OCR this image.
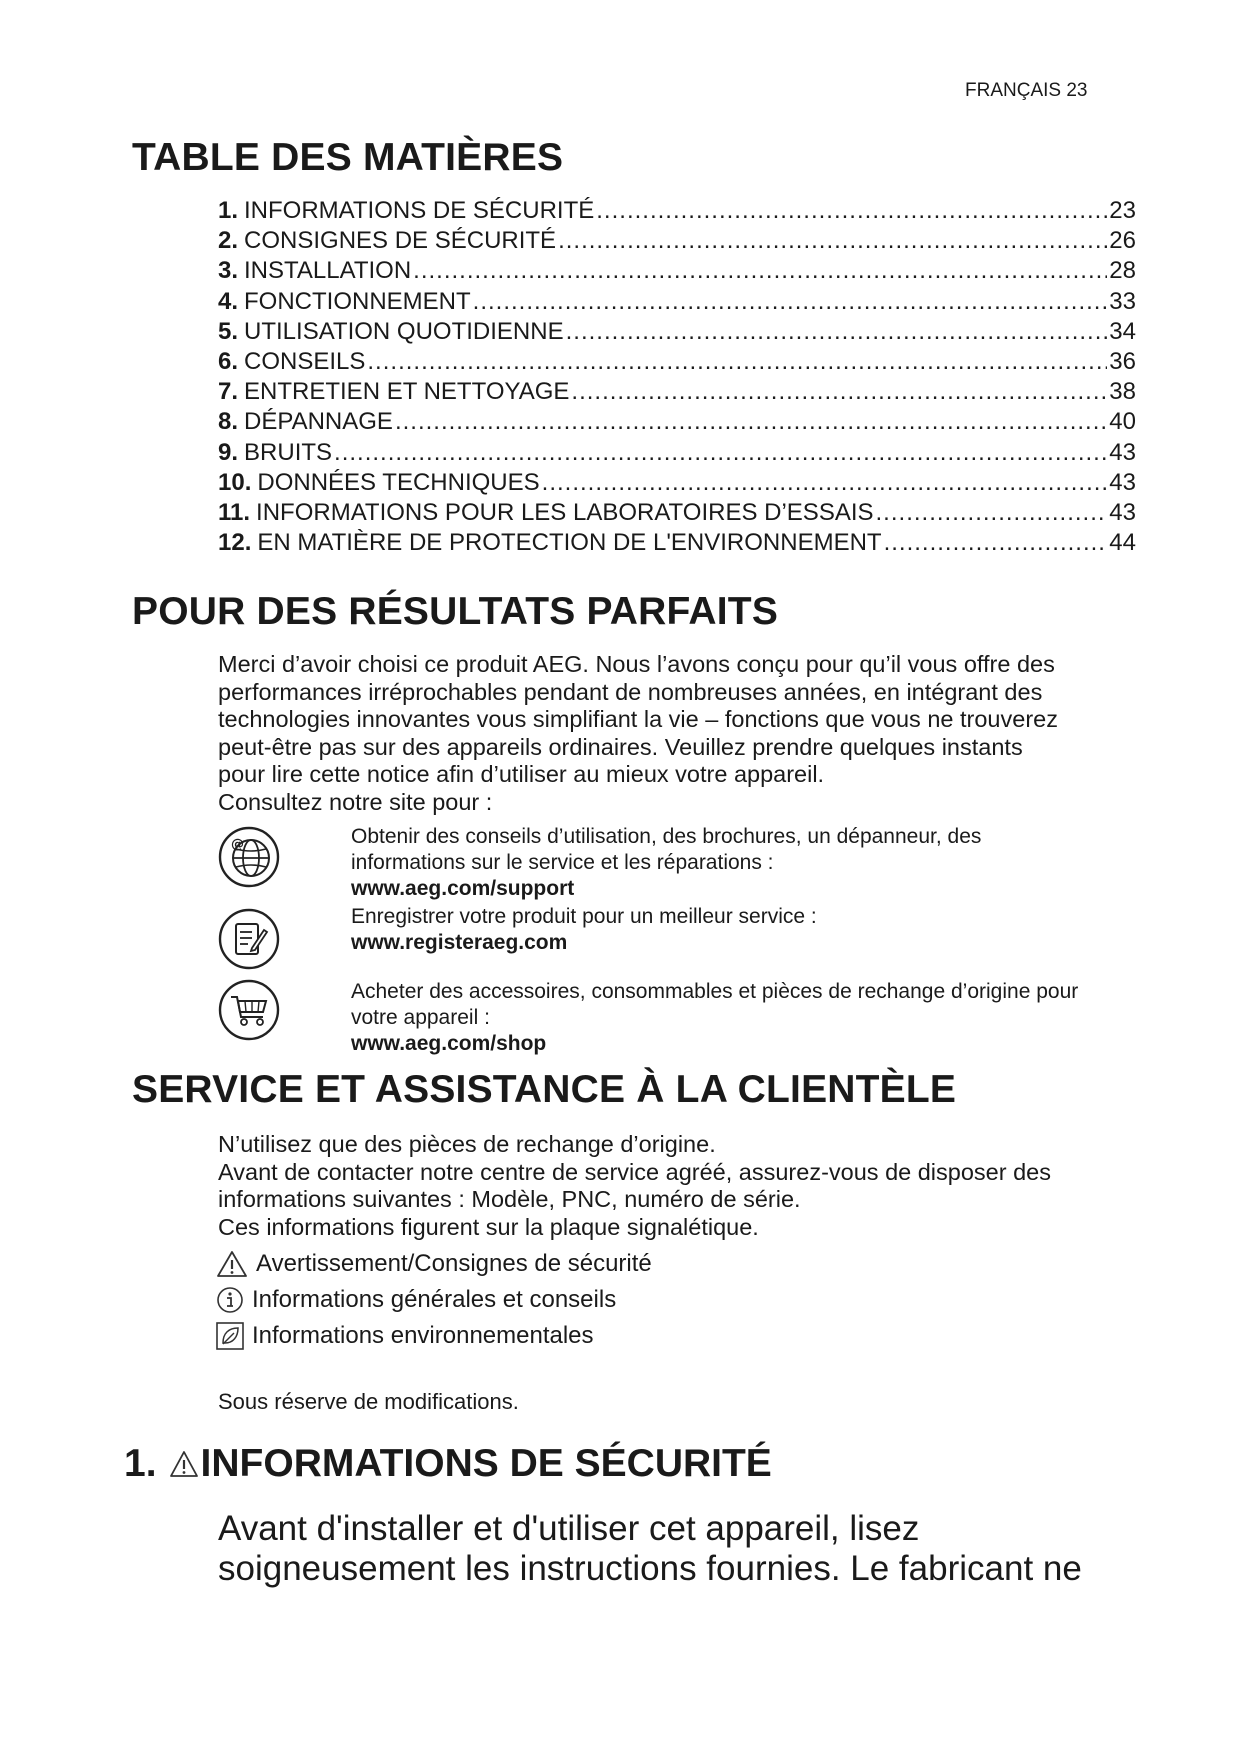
FRANÇAIS 23
TABLE DES MATIÈRES
1. INFORMATIONS DE SÉCURITÉ .....	23
2. CONSIGNES DE SÉCURITÉ .....	26
3. INSTALLATION .....	28
4. FONCTIONNEMENT .....	33
5. UTILISATION QUOTIDIENNE .....	34
6. CONSEILS .....	36
7. ENTRETIEN ET NETTOYAGE .....	38
8. DÉPANNAGE .....	40
9. BRUITS .....	43
10. DONNÉES TECHNIQUES .....	43
11. INFORMATIONS POUR LES LABORATOIRES D’ESSAIS .....	43
12. EN MATIÈRE DE PROTECTION DE L'ENVIRONNEMENT .....	44
POUR DES RÉSULTATS PARFAITS
Merci d’avoir choisi ce produit AEG. Nous l’avons conçu pour qu’il vous offre des
performances irréprochables pendant de nombreuses années, en intégrant des
technologies innovantes vous simplifiant la vie – fonctions que vous ne trouverez
peut-être pas sur des appareils ordinaires. Veuillez prendre quelques instants
pour lire cette notice afin d’utiliser au mieux votre appareil.
Consultez notre site pour :
@	Obtenir des conseils d’utilisation, des brochures, un dépanneur, des
informations sur le service et les réparations :
www.aeg.com/support
Enregistrer votre produit pour un meilleur service :
www.registeraeg.com
Acheter des accessoires, consommables et pièces de rechange d’origine pour
votre appareil :
www.aeg.com/shop
SERVICE ET ASSISTANCE À LA CLIENTÈLE
N’utilisez que des pièces de rechange d’origine.
Avant de contacter notre centre de service agréé, assurez-vous de disposer des
informations suivantes : Modèle, PNC, numéro de série.
Ces informations figurent sur la plaque signalétique.
Avertissement/Consignes de sécurité
Informations générales et conseils
Informations environnementales
Sous réserve de modifications.
1. INFORMATIONS DE SÉCURITÉ
Avant d'installer et d'utiliser cet appareil, lisez
soigneusement les instructions fournies. Le fabricant ne
